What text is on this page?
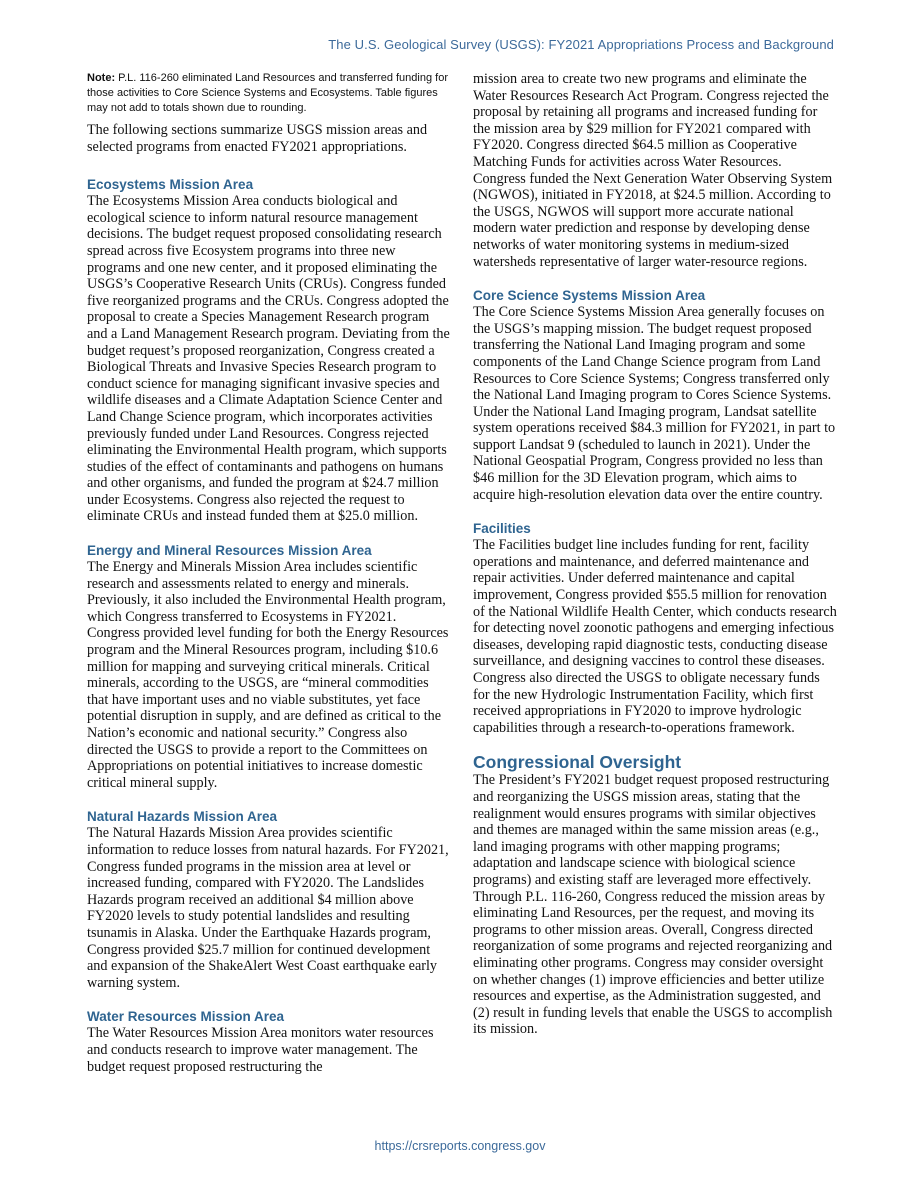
The U.S. Geological Survey (USGS): FY2021 Appropriations Process and Background
Note: P.L. 116-260 eliminated Land Resources and transferred funding for those activities to Core Science Systems and Ecosystems. Table figures may not add to totals shown due to rounding.

The following sections summarize USGS mission areas and selected programs from enacted FY2021 appropriations.

Ecosystems Mission Area

The Ecosystems Mission Area conducts biological and ecological science to inform natural resource management decisions. The budget request proposed consolidating research spread across five Ecosystem programs into three new programs and one new center, and it proposed eliminating the USGS’s Cooperative Research Units (CRUs). Congress funded five reorganized programs and the CRUs. Congress adopted the proposal to create a Species Management Research program and a Land Management Research program. Deviating from the budget request’s proposed reorganization, Congress created a Biological Threats and Invasive Species Research program to conduct science for managing significant invasive species and wildlife diseases and a Climate Adaptation Science Center and Land Change Science program, which incorporates activities previously funded under Land Resources. Congress rejected eliminating the Environmental Health program, which supports studies of the effect of contaminants and pathogens on humans and other organisms, and funded the program at $24.7 million under Ecosystems. Congress also rejected the request to eliminate CRUs and instead funded them at $25.0 million.

Energy and Mineral Resources Mission Area

The Energy and Minerals Mission Area includes scientific research and assessments related to energy and minerals. Previously, it also included the Environmental Health program, which Congress transferred to Ecosystems in FY2021. Congress provided level funding for both the Energy Resources program and the Mineral Resources program, including $10.6 million for mapping and surveying critical minerals. Critical minerals, according to the USGS, are “mineral commodities that have important uses and no viable substitutes, yet face potential disruption in supply, and are defined as critical to the Nation’s economic and national security.” Congress also directed the USGS to provide a report to the Committees on Appropriations on potential initiatives to increase domestic critical mineral supply.

Natural Hazards Mission Area

The Natural Hazards Mission Area provides scientific information to reduce losses from natural hazards. For FY2021, Congress funded programs in the mission area at level or increased funding, compared with FY2020. The Landslides Hazards program received an additional $4 million above FY2020 levels to study potential landslides and resulting tsunamis in Alaska. Under the Earthquake Hazards program, Congress provided $25.7 million for continued development and expansion of the ShakeAlert West Coast earthquake early warning system.

Water Resources Mission Area

The Water Resources Mission Area monitors water resources and conducts research to improve water management. The budget request proposed restructuring the

mission area to create two new programs and eliminate the Water Resources Research Act Program. Congress rejected the proposal by retaining all programs and increased funding for the mission area by $29 million for FY2021 compared with FY2020. Congress directed $64.5 million as Cooperative Matching Funds for activities across Water Resources. Congress funded the Next Generation Water Observing System (NGWOS), initiated in FY2018, at $24.5 million. According to the USGS, NGWOS will support more accurate national modern water prediction and response by developing dense networks of water monitoring systems in medium-sized watersheds representative of larger water-resource regions.

Core Science Systems Mission Area

The Core Science Systems Mission Area generally focuses on the USGS’s mapping mission. The budget request proposed transferring the National Land Imaging program and some components of the Land Change Science program from Land Resources to Core Science Systems; Congress transferred only the National Land Imaging program to Cores Science Systems. Under the National Land Imaging program, Landsat satellite system operations received $84.3 million for FY2021, in part to support Landsat 9 (scheduled to launch in 2021). Under the National Geospatial Program, Congress provided no less than $46 million for the 3D Elevation program, which aims to acquire high-resolution elevation data over the entire country.

Facilities

The Facilities budget line includes funding for rent, facility operations and maintenance, and deferred maintenance and repair activities. Under deferred maintenance and capital improvement, Congress provided $55.5 million for renovation of the National Wildlife Health Center, which conducts research for detecting novel zoonotic pathogens and emerging infectious diseases, developing rapid diagnostic tests, conducting disease surveillance, and designing vaccines to control these diseases. Congress also directed the USGS to obligate necessary funds for the new Hydrologic Instrumentation Facility, which first received appropriations in FY2020 to improve hydrologic capabilities through a research-to-operations framework.

Congressional Oversight

The President’s FY2021 budget request proposed restructuring and reorganizing the USGS mission areas, stating that the realignment would ensures programs with similar objectives and themes are managed within the same mission areas (e.g., land imaging programs with other mapping programs; adaptation and landscape science with biological science programs) and existing staff are leveraged more effectively. Through P.L. 116-260, Congress reduced the mission areas by eliminating Land Resources, per the request, and moving its programs to other mission areas. Overall, Congress directed reorganization of some programs and rejected reorganizing and eliminating other programs. Congress may consider oversight on whether changes (1) improve efficiencies and better utilize resources and expertise, as the Administration suggested, and (2) result in funding levels that enable the USGS to accomplish its mission.

https://crsreports.congress.gov
